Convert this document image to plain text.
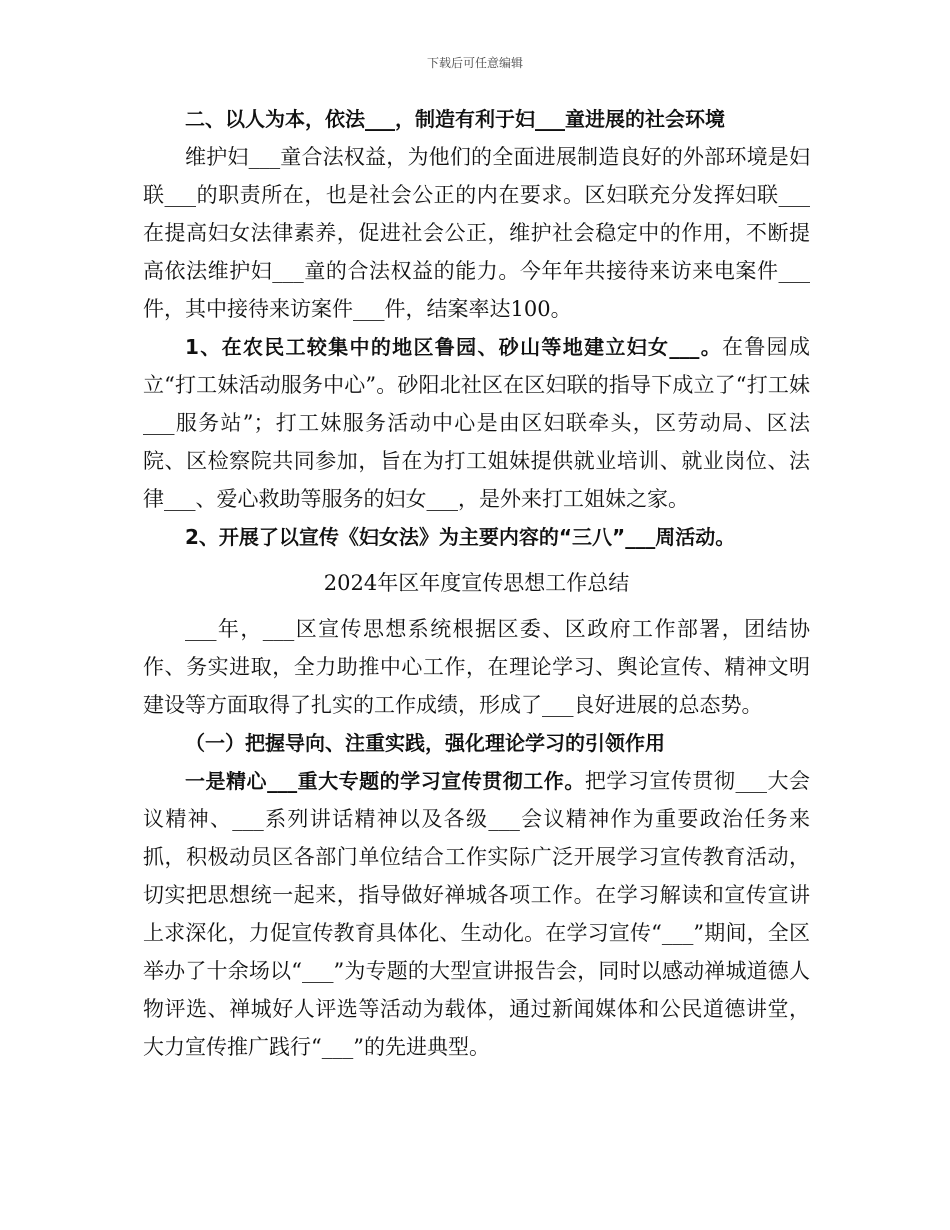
下载后可任意编辑

二、以人为本，依法___，制造有利于妇___童进展的社会环境

维护妇___童合法权益，为他们的全面进展制造良好的外部环境是妇联___的职责所在，也是社会公正的内在要求。区妇联充分发挥妇联___在提高妇女法律素养，促进社会公正，维护社会稳定中的作用，不断提高依法维护妇___童的合法权益的能力。今年年共接待来访来电案件___件，其中接待来访案件___件，结案率达100。

1、在农民工较集中的地区鲁园、砂山等地建立妇女___。在鲁园成立“打工妹活动服务中心”。砂阳北社区在区妇联的指导下成立了“打工妹___服务站”；打工妹服务活动中心是由区妇联牵头，区劳动局、区法院、区检察院共同参加，旨在为打工姐妹提供就业培训、就业岗位、法律___、爱心救助等服务的妇女___，是外来打工姐妹之家。

2、开展了以宣传《妇女法》为主要内容的“三八”___周活动。

2024年区年度宣传思想工作总结

___年，___区宣传思想系统根据区委、区政府工作部署，团结协作、务实进取，全力助推中心工作，在理论学习、舆论宣传、精神文明建设等方面取得了扎实的工作成绩，形成了___良好进展的总态势。

（一）把握导向、注重实践，强化理论学习的引领作用

一是精心___重大专题的学习宣传贯彻工作。把学习宣传贯彻___大会议精神、___系列讲话精神以及各级___会议精神作为重要政治任务来抓，积极动员区各部门单位结合工作实际广泛开展学习宣传教育活动，切实把思想统一起来，指导做好禅城各项工作。在学习解读和宣传宣讲上求深化，力促宣传教育具体化、生动化。在学习宣传“___”期间，全区举办了十余场以“___”为专题的大型宣讲报告会，同时以感动禅城道德人物评选、禅城好人评选等活动为载体，通过新闻媒体和公民道德讲堂，大力宣传推广践行“___”的先进典型。
